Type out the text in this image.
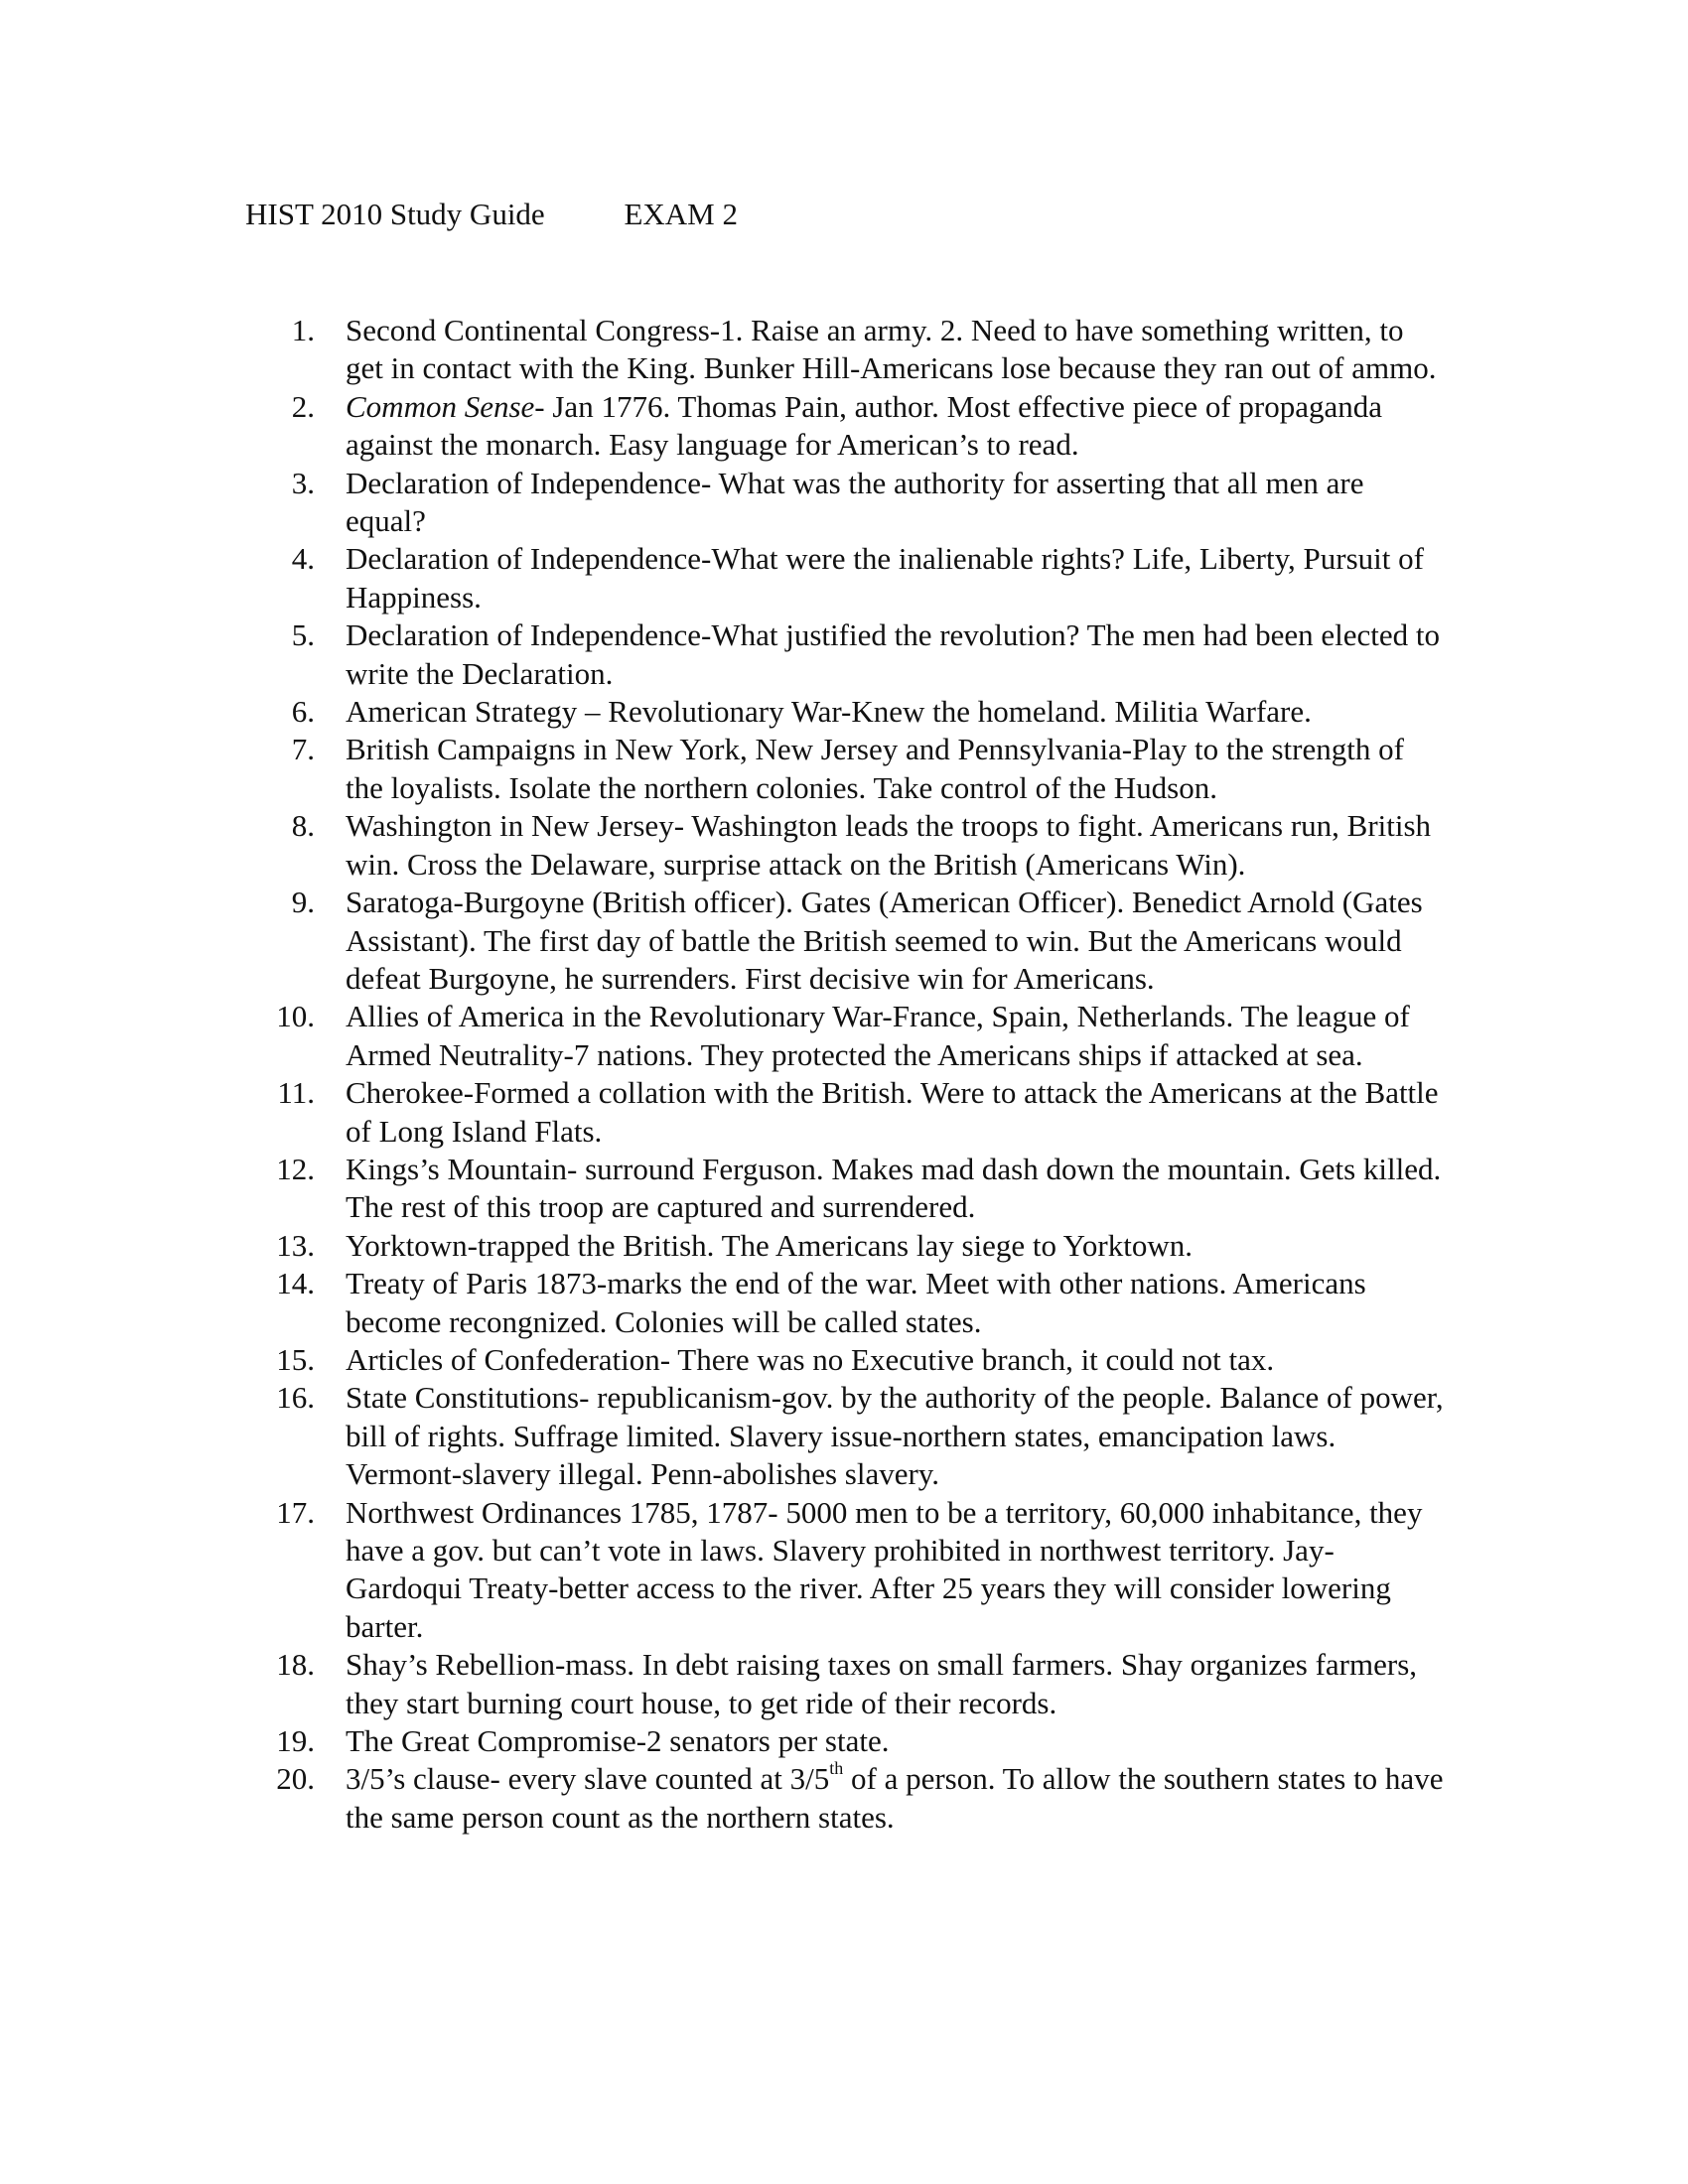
HIST 2010 Study Guide	EXAM 2
1. Second Continental Congress-1. Raise an army. 2. Need to have something written, to get in contact with the King. Bunker Hill-Americans lose because they ran out of ammo.
2. Common Sense- Jan 1776. Thomas Pain, author. Most effective piece of propaganda against the monarch. Easy language for American’s to read.
3. Declaration of Independence- What was the authority for asserting that all men are equal?
4. Declaration of Independence-What were the inalienable rights? Life, Liberty, Pursuit of Happiness.
5. Declaration of Independence-What justified the revolution? The men had been elected to write the Declaration.
6. American Strategy – Revolutionary War-Knew the homeland. Militia Warfare.
7. British Campaigns in New York, New Jersey and Pennsylvania-Play to the strength of the loyalists. Isolate the northern colonies. Take control of the Hudson.
8. Washington in New Jersey- Washington leads the troops to fight. Americans run, British win. Cross the Delaware, surprise attack on the British (Americans Win).
9. Saratoga-Burgoyne (British officer). Gates (American Officer). Benedict Arnold (Gates Assistant). The first day of battle the British seemed to win. But the Americans would defeat Burgoyne, he surrenders. First decisive win for Americans.
10. Allies of America in the Revolutionary War-France, Spain, Netherlands. The league of Armed Neutrality-7 nations. They protected the Americans ships if attacked at sea.
11. Cherokee-Formed a collation with the British. Were to attack the Americans at the Battle of Long Island Flats.
12. Kings’s Mountain- surround Ferguson. Makes mad dash down the mountain. Gets killed. The rest of this troop are captured and surrendered.
13. Yorktown-trapped the British. The Americans lay siege to Yorktown.
14. Treaty of Paris 1873-marks the end of the war. Meet with other nations. Americans become recongnized. Colonies will be called states.
15. Articles of Confederation- There was no Executive branch, it could not tax.
16. State Constitutions- republicanism-gov. by the authority of the people. Balance of power, bill of rights. Suffrage limited. Slavery issue-northern states, emancipation laws. Vermont-slavery illegal. Penn-abolishes slavery.
17. Northwest Ordinances 1785, 1787- 5000 men to be a territory, 60,000 inhabitance, they have a gov. but can’t vote in laws. Slavery prohibited in northwest territory. Jay-Gardoqui Treaty-better access to the river. After 25 years they will consider lowering barter.
18. Shay’s Rebellion-mass. In debt raising taxes on small farmers. Shay organizes farmers, they start burning court house, to get ride of their records.
19. The Great Compromise-2 senators per state.
20. 3/5’s clause- every slave counted at 3/5th of a person. To allow the southern states to have the same person count as the northern states.
